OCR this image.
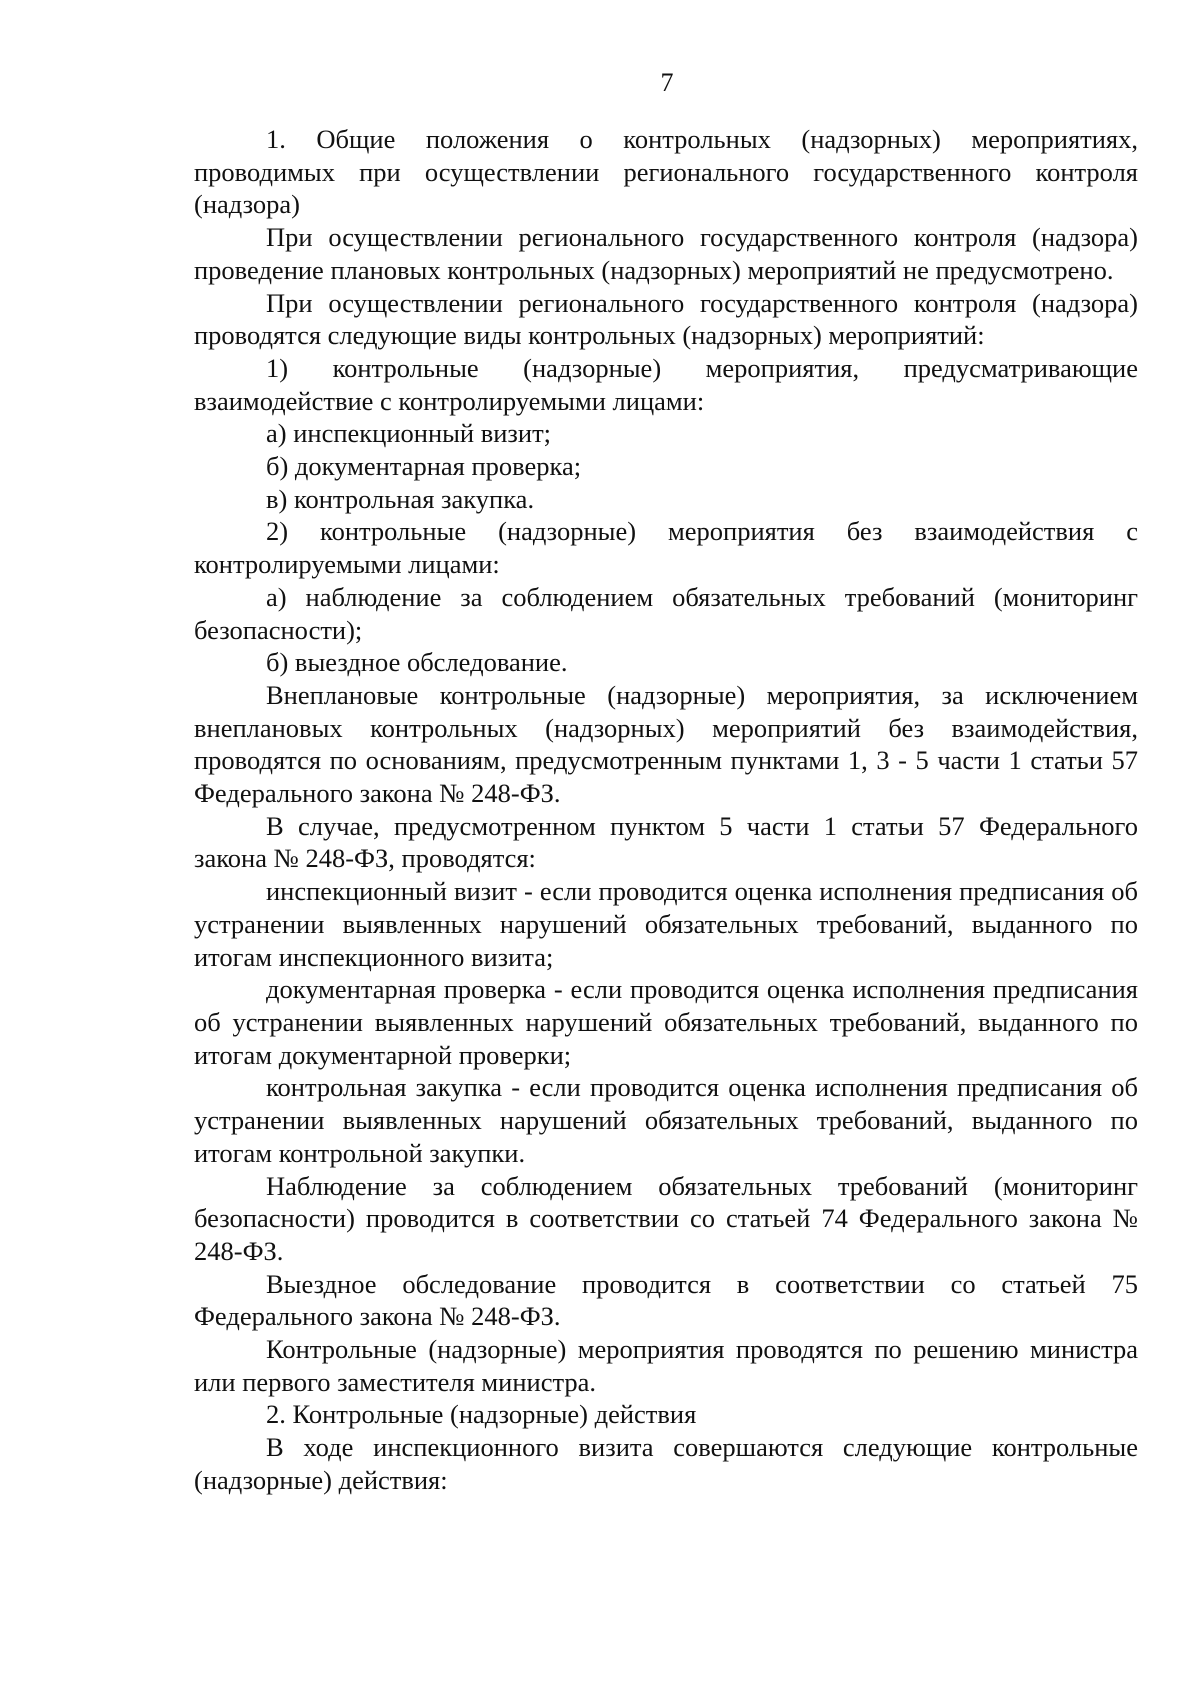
7

1. Общие положения о контрольных (надзорных) мероприятиях, проводимых при осуществлении регионального государственного контроля (надзора)

При осуществлении регионального государственного контроля (надзора) проведение плановых контрольных (надзорных) мероприятий не предусмотрено.

При осуществлении регионального государственного контроля (надзора) проводятся следующие виды контрольных (надзорных) мероприятий:

1) контрольные (надзорные) мероприятия, предусматривающие взаимодействие с контролируемыми лицами:

а) инспекционный визит;

б) документарная проверка;

в) контрольная закупка.

2) контрольные (надзорные) мероприятия без взаимодействия с контролируемыми лицами:

а) наблюдение за соблюдением обязательных требований (мониторинг безопасности);

б) выездное обследование.

Внеплановые контрольные (надзорные) мероприятия, за исключением внеплановых контрольных (надзорных) мероприятий без взаимодействия, проводятся по основаниям, предусмотренным пунктами 1, 3 - 5 части 1 статьи 57 Федерального закона № 248-ФЗ.

В случае, предусмотренном пунктом 5 части 1 статьи 57 Федерального закона № 248-ФЗ, проводятся:

инспекционный визит - если проводится оценка исполнения предписания об устранении выявленных нарушений обязательных требований, выданного по итогам инспекционного визита;

документарная проверка - если проводится оценка исполнения предписания об устранении выявленных нарушений обязательных требований, выданного по итогам документарной проверки;

контрольная закупка - если проводится оценка исполнения предписания об устранении выявленных нарушений обязательных требований, выданного по итогам контрольной закупки.

Наблюдение за соблюдением обязательных требований (мониторинг безопасности) проводится в соответствии со статьей 74 Федерального закона № 248-ФЗ.

Выездное обследование проводится в соответствии со статьей 75 Федерального закона № 248-ФЗ.

Контрольные (надзорные) мероприятия проводятся по решению министра или первого заместителя министра.

2. Контрольные (надзорные) действия

В ходе инспекционного визита совершаются следующие контрольные (надзорные) действия:
